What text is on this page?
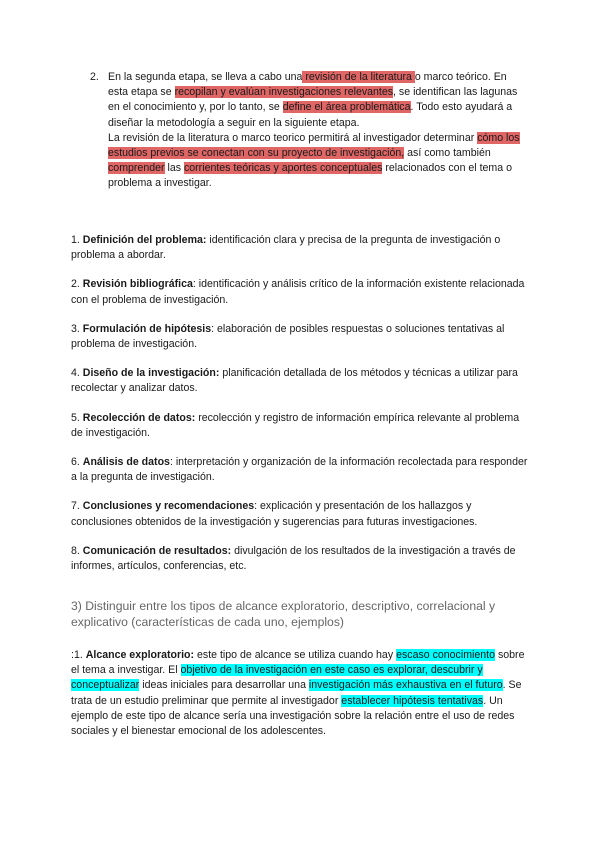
2. En la segunda etapa, se lleva a cabo una revisión de la literatura o marco teórico. En esta etapa se recopilan y evalúan investigaciones relevantes, se identifican las lagunas en el conocimiento y, por lo tanto, se define el área problemática. Todo esto ayudará a diseñar la metodología a seguir en la siguiente etapa.

La revisión de la literatura o marco teorico permitirá al investigador determinar cómo los estudios previos se conectan con su proyecto de investigación, así como también comprender las corrientes teóricas y aportes conceptuales relacionados con el tema o problema a investigar.

1. Definición del problema: identificación clara y precisa de la pregunta de investigación o problema a abordar.

2. Revisión bibliográfica: identificación y análisis crítico de la información existente relacionada con el problema de investigación.

3. Formulación de hipótesis: elaboración de posibles respuestas o soluciones tentativas al problema de investigación.

4. Diseño de la investigación: planificación detallada de los métodos y técnicas a utilizar para recolectar y analizar datos.

5. Recolección de datos: recolección y registro de información empírica relevante al problema de investigación.

6. Análisis de datos: interpretación y organización de la información recolectada para responder a la pregunta de investigación.

7. Conclusiones y recomendaciones: explicación y presentación de los hallazgos y conclusiones obtenidos de la investigación y sugerencias para futuras investigaciones.

8. Comunicación de resultados: divulgación de los resultados de la investigación a través de informes, artículos, conferencias, etc.

3) Distinguir entre los tipos de alcance exploratorio, descriptivo, correlacional y explicativo (características de cada uno, ejemplos)

:1. Alcance exploratorio: este tipo de alcance se utiliza cuando hay escaso conocimiento sobre el tema a investigar. El objetivo de la investigación en este caso es explorar, descubrir y conceptualizar ideas iniciales para desarrollar una investigación más exhaustiva en el futuro. Se trata de un estudio preliminar que permite al investigador establecer hipótesis tentativas. Un ejemplo de este tipo de alcance sería una investigación sobre la relación entre el uso de redes sociales y el bienestar emocional de los adolescentes.
